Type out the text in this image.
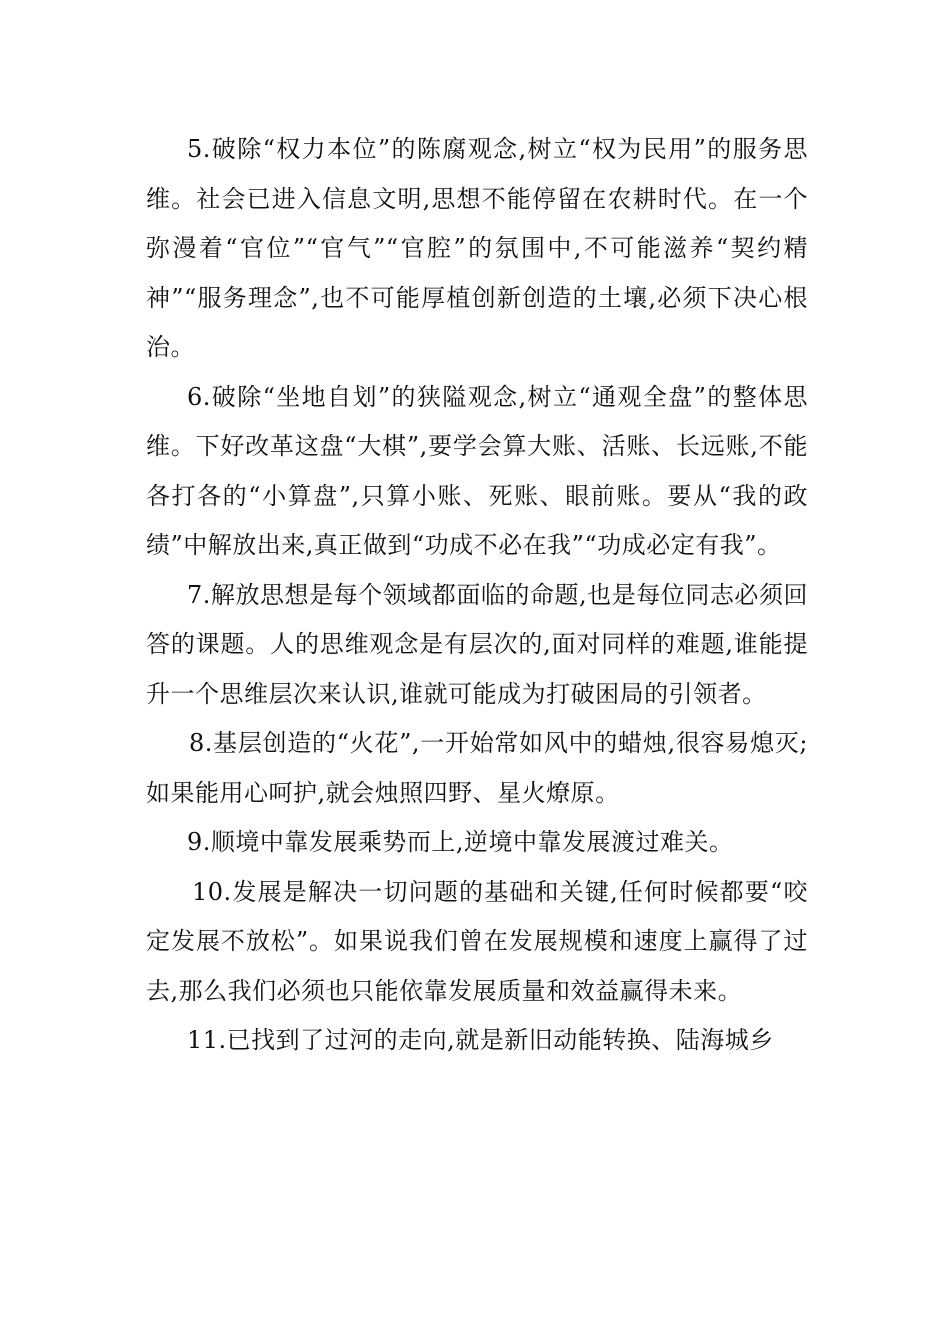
5.破除“权力本位”的陈腐观念,树立“权为民用”的服务思维。社会已进入信息文明,思想不能停留在农耕时代。在一个弥漫着“官位”“官气”“官腔”的氛围中,不可能滋养“契约精神”“服务理念”,也不可能厚植创新创造的土壤,必须下决心根治。

6.破除“坐地自划”的狭隘观念,树立“通观全盘”的整体思维。下好改革这盘“大棋”,要学会算大账、活账、长远账,不能各打各的“小算盘”,只算小账、死账、眼前账。要从“我的政绩”中解放出来,真正做到“功成不必在我”“功成必定有我”。

7.解放思想是每个领域都面临的命题,也是每位同志必须回答的课题。人的思维观念是有层次的,面对同样的难题,谁能提升一个思维层次来认识,谁就可能成为打破困局的引领者。

8.基层创造的“火花”,一开始常如风中的蜡烛,很容易熄灭;如果能用心呵护,就会烛照四野、星火燎原。

9.顺境中靠发展乘势而上,逆境中靠发展渡过难关。

10.发展是解决一切问题的基础和关键,任何时候都要“咬定发展不放松”。如果说我们曾在发展规模和速度上赢得了过去,那么我们必须也只能依靠发展质量和效益赢得未来。

11.已找到了过河的走向,就是新旧动能转换、陆海城乡
